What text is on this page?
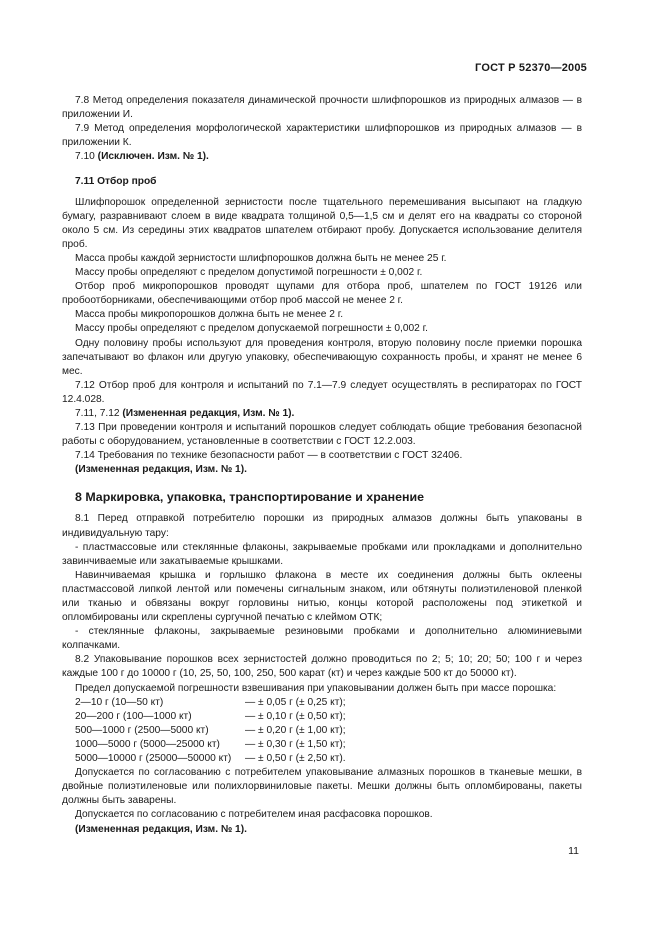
ГОСТ Р 52370—2005

7.8 Метод определения показателя динамической прочности шлифпорошков из природных алмазов — в приложении И.

7.9 Метод определения морфологической характеристики шлифпорошков из природных алмазов — в приложении К.

7.10 (Исключен. Изм. № 1).

7.11 Отбор проб

Шлифпорошок определенной зернистости после тщательного перемешивания высыпают на гладкую бумагу, разравнивают слоем в виде квадрата толщиной 0,5—1,5 см и делят его на квадраты со стороной около 5 см. Из середины этих квадратов шпателем отбирают пробу. Допускается использование делителя проб.

Масса пробы каждой зернистости шлифпорошков должна быть не менее 25 г.

Массу пробы определяют с пределом допустимой погрешности ± 0,002 г.

Отбор проб микропорошков проводят щупами для отбора проб, шпателем по ГОСТ 19126 или пробоотборниками, обеспечивающими отбор проб массой не менее 2 г.

Масса пробы микропорошков должна быть не менее 2 г.

Массу пробы определяют с пределом допускаемой погрешности ± 0,002 г.

Одну половину пробы используют для проведения контроля, вторую половину после приемки порошка запечатывают во флакон или другую упаковку, обеспечивающую сохранность пробы, и хранят не менее 6 мес.

7.12 Отбор проб для контроля и испытаний по 7.1—7.9 следует осуществлять в респираторах по ГОСТ 12.4.028.

7.11, 7.12 (Измененная редакция, Изм. № 1).

7.13 При проведении контроля и испытаний порошков следует соблюдать общие требования безопасной работы с оборудованием, установленные в соответствии с ГОСТ 12.2.003.

7.14 Требования по технике безопасности работ — в соответствии с ГОСТ 32406.

(Измененная редакция, Изм. № 1).

8 Маркировка, упаковка, транспортирование и хранение

8.1 Перед отправкой потребителю порошки из природных алмазов должны быть упакованы в индивидуальную тару:

- пластмассовые или стеклянные флаконы, закрываемые пробками или прокладками и дополнительно завинчиваемые или закатываемые крышками.

Навинчиваемая крышка и горлышко флакона в месте их соединения должны быть оклеены пластмассовой липкой лентой или помечены сигнальным знаком, или обтянуты полиэтиленовой пленкой или тканью и обвязаны вокруг горловины нитью, концы которой расположены под этикеткой и опломбированы или скреплены сургучной печатью с клеймом ОТК;

- стеклянные флаконы, закрываемые резиновыми пробками и дополнительно алюминиевыми колпачками.

8.2 Упаковывание порошков всех зернистостей должно проводиться по 2; 5; 10; 20; 50; 100 г и через каждые 100 г до 10000 г (10, 25, 50, 100, 250, 500 карат (кт) и через каждые 500 кт до 50000 кт).

Предел допускаемой погрешности взвешивания при упаковывании должен быть при массе порошка:

2—10 г (10—50 кт)	— ± 0,05 г (± 0,25 кт);
20—200 г (100—1000 кт)	— ± 0,10 г (± 0,50 кт);
500—1000 г (2500—5000 кт)	— ± 0,20 г (± 1,00 кт);
1000—5000 г (5000—25000 кт)	— ± 0,30 г (± 1,50 кт);
5000—10000 г (25000—50000 кт)	— ± 0,50 г (± 2,50 кт).

Допускается по согласованию с потребителем упаковывание алмазных порошков в тканевые мешки, в двойные полиэтиленовые или полихлорвиниловые пакеты. Мешки должны быть опломбированы, пакеты должны быть заварены.

Допускается по согласованию с потребителем иная расфасовка порошков.

(Измененная редакция, Изм. № 1).

11
